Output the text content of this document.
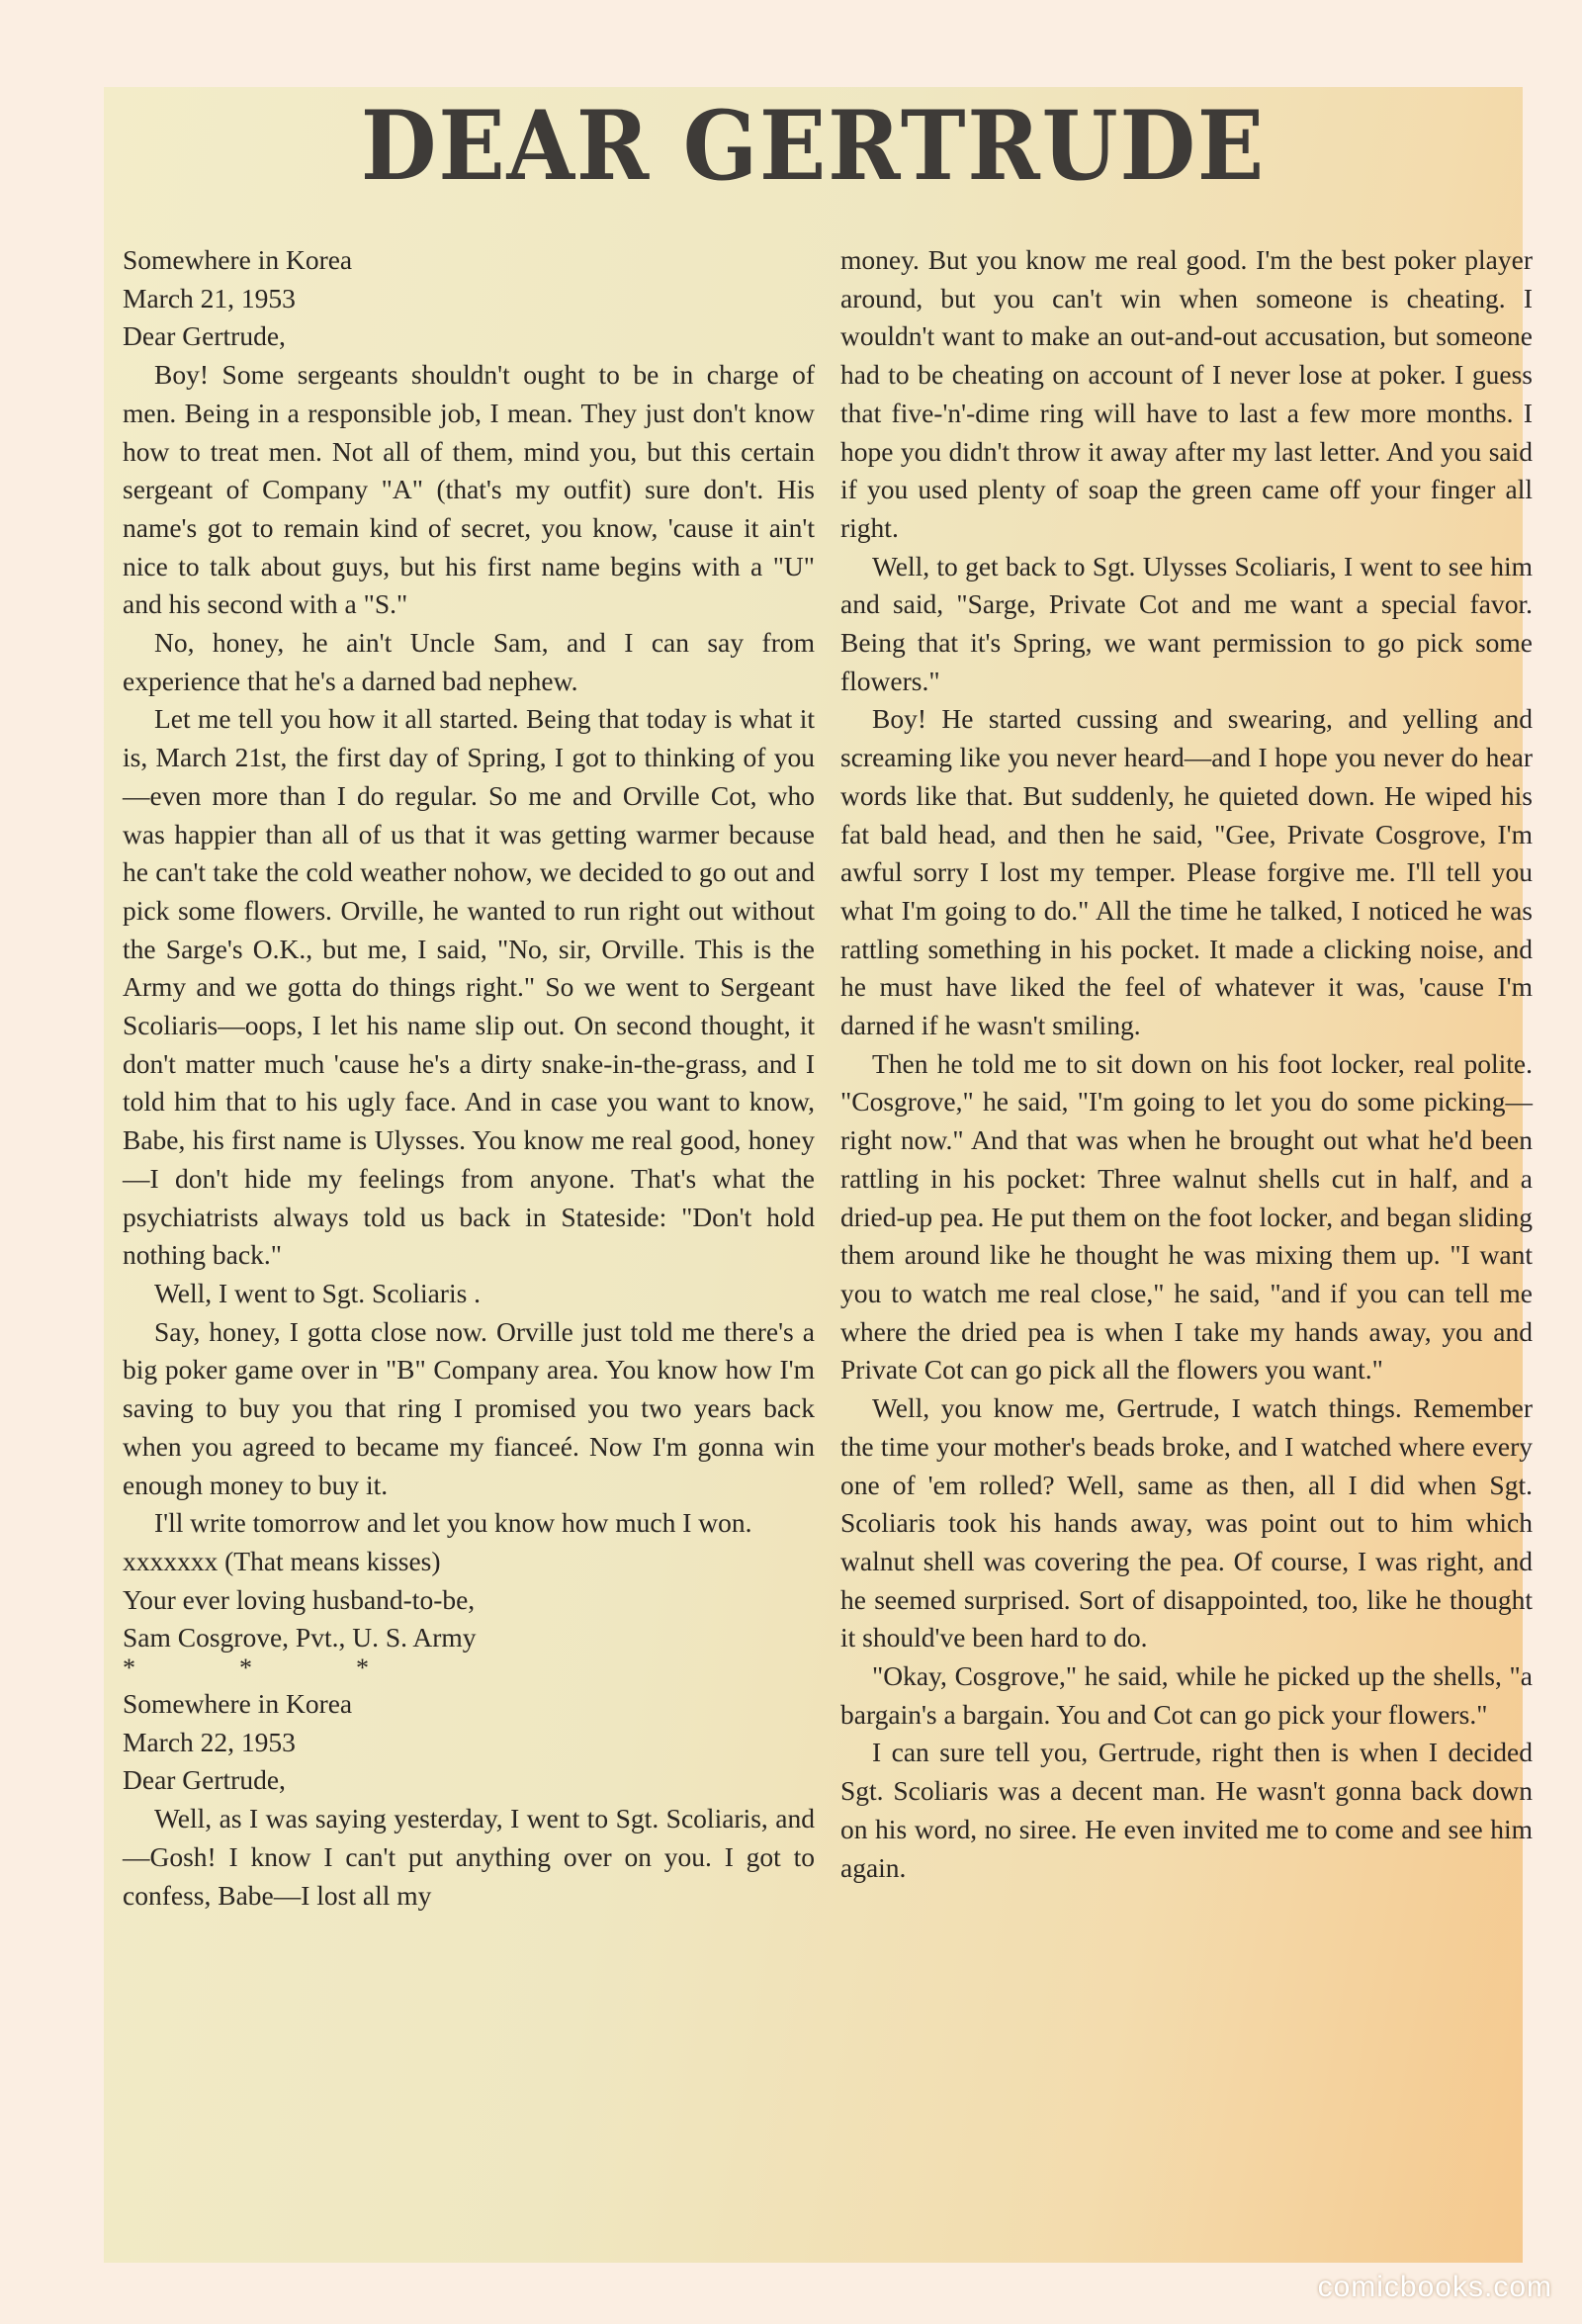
DEAR GERTRUDE

Somewhere in Korea

March 21, 1953

Dear Gertrude,

Boy! Some sergeants shouldn't ought to be in charge of men. Being in a responsible job, I mean. They just don't know how to treat men. Not all of them, mind you, but this certain sergeant of Company "A" (that's my outfit) sure don't. His name's got to remain kind of secret, you know, 'cause it ain't nice to talk about guys, but his first name begins with a "U" and his second with a "S."

No, honey, he ain't Uncle Sam, and I can say from experience that he's a darned bad nephew.

Let me tell you how it all started. Being that today is what it is, March 21st, the first day of Spring, I got to thinking of you—even more than I do regular. So me and Orville Cot, who was happier than all of us that it was getting warmer because he can't take the cold weather nohow, we decided to go out and pick some flowers. Orville, he wanted to run right out without the Sarge's O.K., but me, I said, "No, sir, Orville. This is the Army and we gotta do things right." So we went to Sergeant Scoliaris—oops, I let his name slip out. On second thought, it don't matter much 'cause he's a dirty snake-in-the-grass, and I told him that to his ugly face. And in case you want to know, Babe, his first name is Ulysses. You know me real good, honey—I don't hide my feelings from anyone. That's what the psychiatrists always told us back in Stateside: "Don't hold nothing back."

Well, I went to Sgt. Scoliaris .

Say, honey, I gotta close now. Orville just told me there's a big poker game over in "B" Company area. You know how I'm saving to buy you that ring I promised you two years back when you agreed to became my fianceé. Now I'm gonna win enough money to buy it.

I'll write tomorrow and let you know how much I won.

xxxxxxx (That means kisses)

Your ever loving husband-to-be,

Sam Cosgrove, Pvt., U. S. Army

*	*	*

Somewhere in Korea

March 22, 1953

Dear Gertrude,

Well, as I was saying yesterday, I went to Sgt. Scoliaris, and—Gosh! I know I can't put anything over on you. I got to confess, Babe—I lost all my

money. But you know me real good. I'm the best poker player around, but you can't win when someone is cheating. I wouldn't want to make an out-and-out accusation, but someone had to be cheating on account of I never lose at poker. I guess that five-'n'-dime ring will have to last a few more months. I hope you didn't throw it away after my last letter. And you said if you used plenty of soap the green came off your finger all right.

Well, to get back to Sgt. Ulysses Scoliaris, I went to see him and said, "Sarge, Private Cot and me want a special favor. Being that it's Spring, we want permission to go pick some flowers."

Boy! He started cussing and swearing, and yelling and screaming like you never heard—and I hope you never do hear words like that. But suddenly, he quieted down. He wiped his fat bald head, and then he said, "Gee, Private Cosgrove, I'm awful sorry I lost my temper. Please forgive me. I'll tell you what I'm going to do." All the time he talked, I noticed he was rattling something in his pocket. It made a clicking noise, and he must have liked the feel of whatever it was, 'cause I'm darned if he wasn't smiling.

Then he told me to sit down on his foot locker, real polite. "Cosgrove," he said, "I'm going to let you do some picking—right now." And that was when he brought out what he'd been rattling in his pocket: Three walnut shells cut in half, and a dried-up pea. He put them on the foot locker, and began sliding them around like he thought he was mixing them up. "I want you to watch me real close," he said, "and if you can tell me where the dried pea is when I take my hands away, you and Private Cot can go pick all the flowers you want."

Well, you know me, Gertrude, I watch things. Remember the time your mother's beads broke, and I watched where every one of 'em rolled? Well, same as then, all I did when Sgt. Scoliaris took his hands away, was point out to him which walnut shell was covering the pea. Of course, I was right, and he seemed surprised. Sort of disappointed, too, like he thought it should've been hard to do.

"Okay, Cosgrove," he said, while he picked up the shells, "a bargain's a bargain. You and Cot can go pick your flowers."

I can sure tell you, Gertrude, right then is when I decided Sgt. Scoliaris was a decent man. He wasn't gonna back down on his word, no siree. He even invited me to come and see him again.

comicbooks.com
